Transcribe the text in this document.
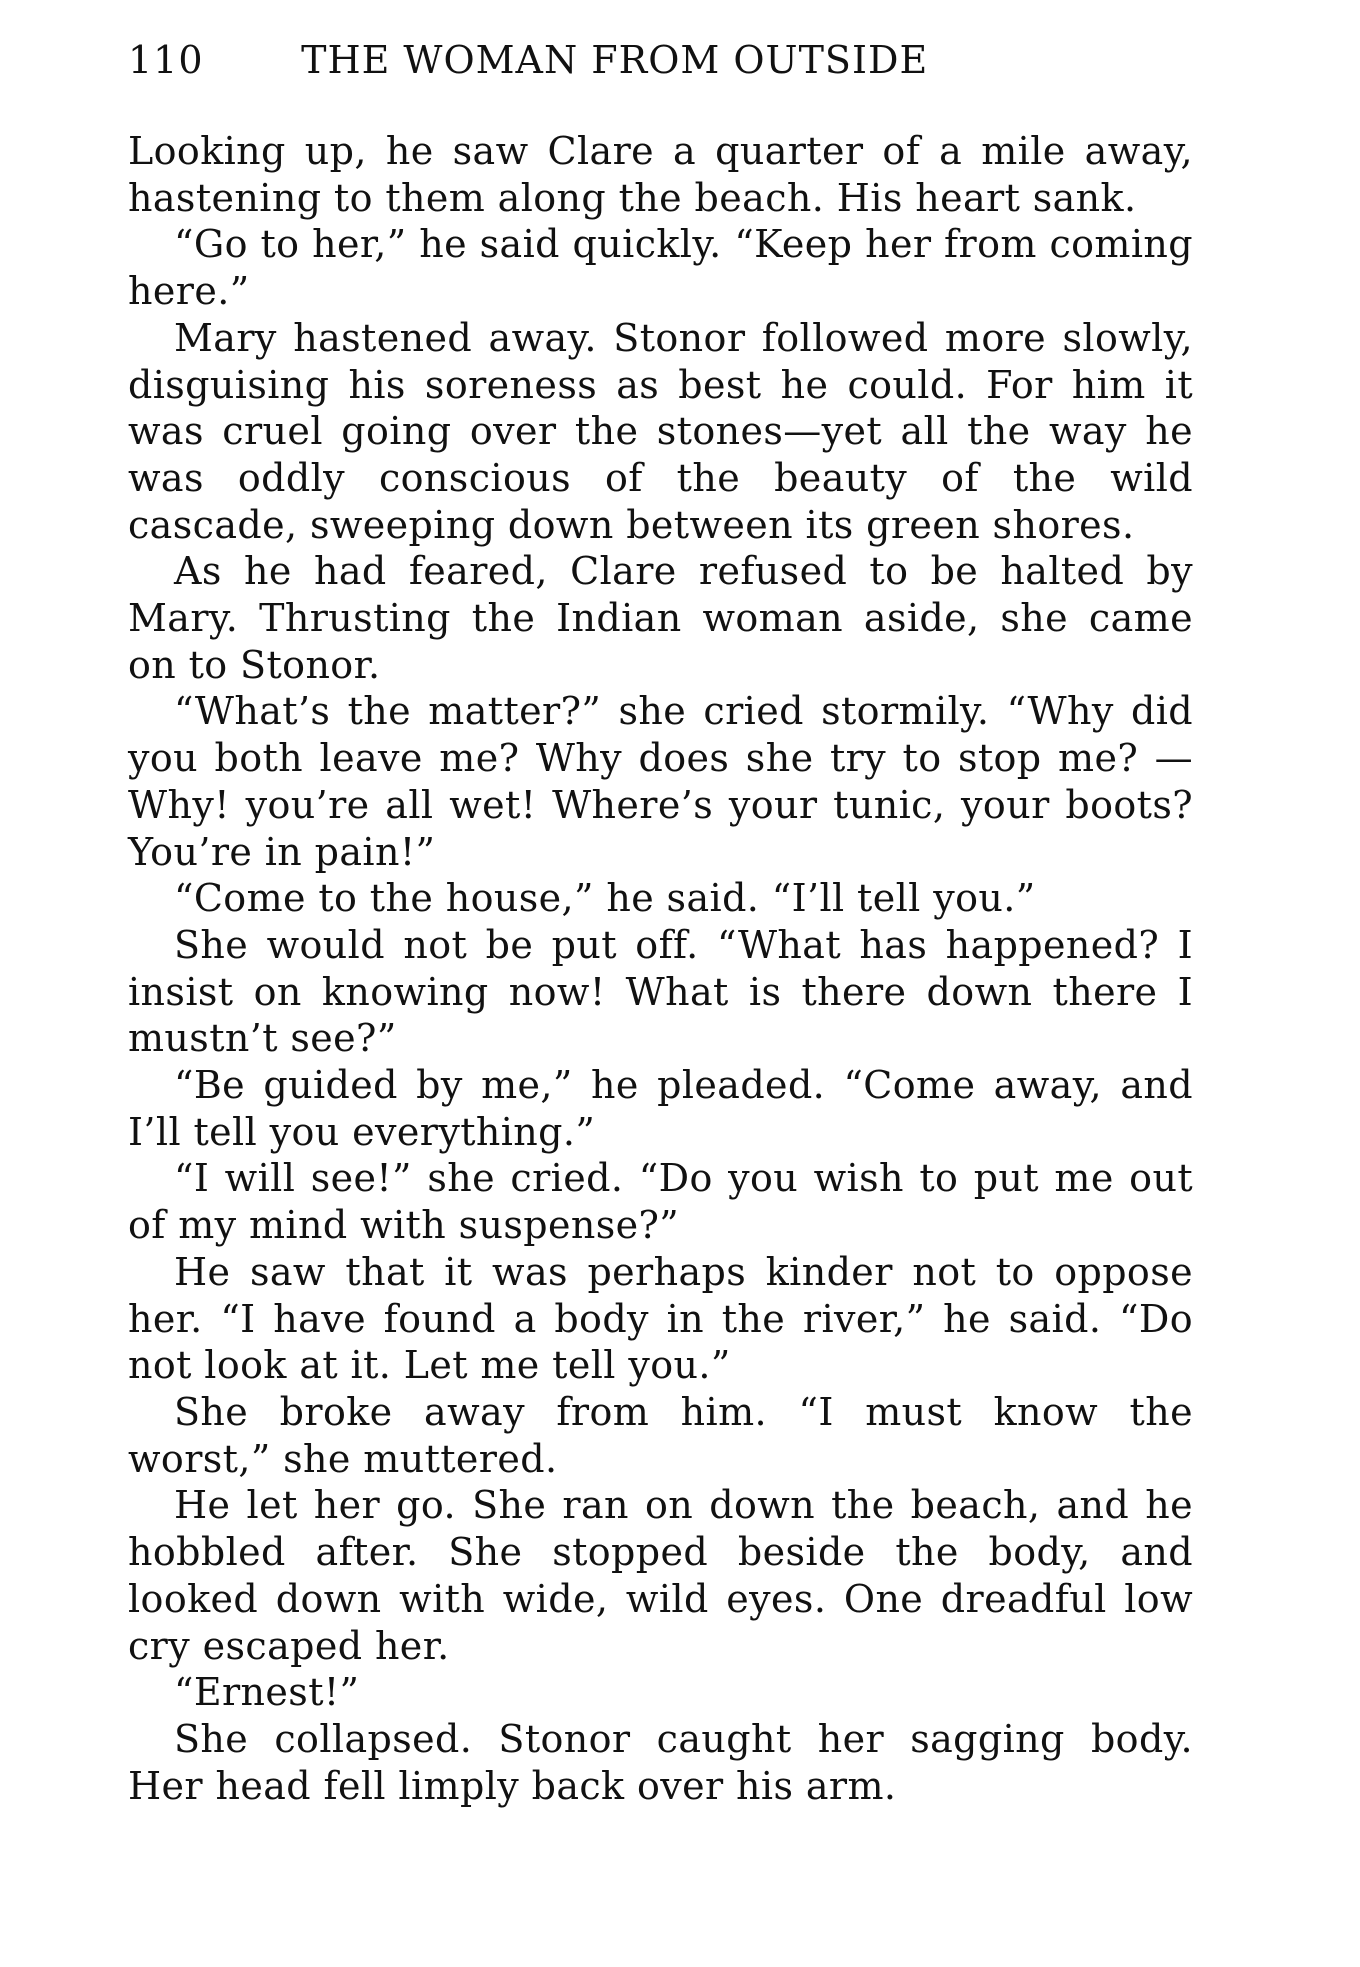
110	THE WOMAN FROM OUTSIDE

Looking up, he saw Clare a quarter of a mile away, hastening to them along the beach. His heart sank.

“Go to her,” he said quickly. “Keep her from coming here.”

Mary hastened away. Stonor followed more slowly, disguising his soreness as best he could. For him it was cruel going over the stones—yet all the way he was oddly conscious of the beauty of the wild cascade, sweeping down between its green shores.

As he had feared, Clare refused to be halted by Mary. Thrusting the Indian woman aside, she came on to Stonor.

“What’s the matter?” she cried stormily. “Why did you both leave me? Why does she try to stop me? —Why! you’re all wet! Where’s your tunic, your boots? You’re in pain!”

“Come to the house,” he said. “I’ll tell you.”

She would not be put off. “What has happened? I insist on knowing now! What is there down there I mustn’t see?”

“Be guided by me,” he pleaded. “Come away, and I’ll tell you everything.”

“I will see!” she cried. “Do you wish to put me out of my mind with suspense?”

He saw that it was perhaps kinder not to oppose her. “I have found a body in the river,” he said. “Do not look at it. Let me tell you.”

She broke away from him. “I must know the worst,” she muttered.

He let her go. She ran on down the beach, and he hobbled after. She stopped beside the body, and looked down with wide, wild eyes. One dreadful low cry escaped her.

“Ernest!”

She collapsed. Stonor caught her sagging body. Her head fell limply back over his arm.
